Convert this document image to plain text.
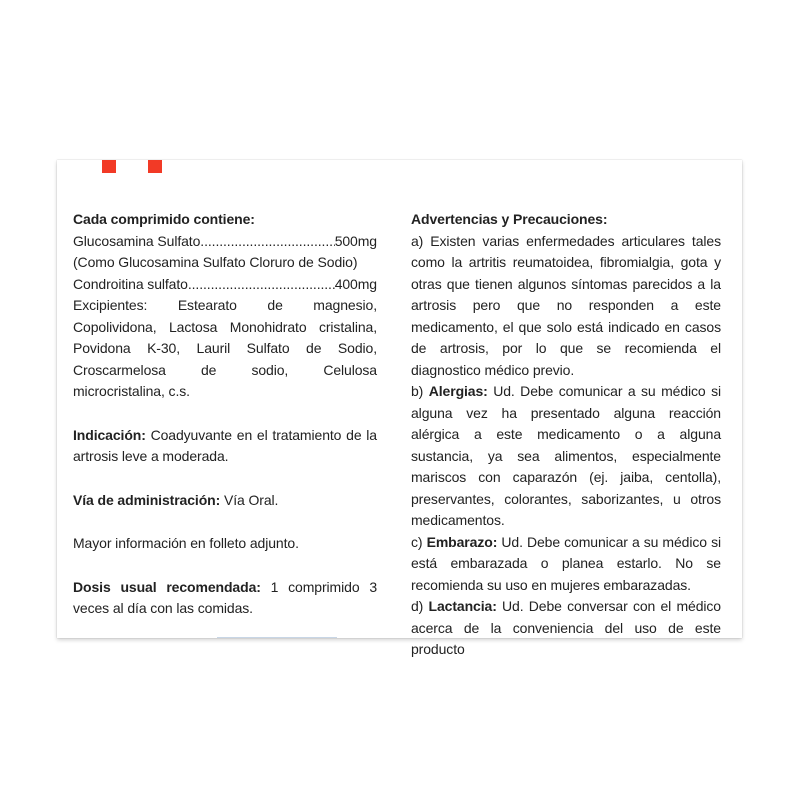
Cada comprimido contiene:

Glucosamina Sulfato .....	500mg

(Como Glucosamina Sulfato Cloruro de Sodio)

Condroitina sulfato .....	400mg

Excipientes: Estearato de magnesio, Copolividona, Lactosa Monohidrato cristalina, Povidona K-30, Lauril Sulfato de Sodio, Croscarmelosa de sodio, Celulosa microcristalina, c.s.

Indicación: Coadyuvante en el tratamiento de la artrosis leve a moderada.

Vía de administración: Vía Oral.

Mayor información en folleto adjunto.

Dosis usual recomendada: 1 comprimido 3 veces al día con las comidas.

Advertencias y Precauciones:

a) Existen varias enfermedades articulares tales como la artritis reumatoidea, fibromialgia, gota y otras que tienen algunos síntomas parecidos a la artrosis pero que no responden a este medicamento, el que solo está indicado en casos de artrosis, por lo que se recomienda el diagnostico médico previo.

b) Alergias: Ud. Debe comunicar a su médico si alguna vez ha presentado alguna reacción alérgica a este medicamento o a alguna sustancia, ya sea alimentos, especialmente mariscos con caparazón (ej. jaiba, centolla), preservantes, colorantes, saborizantes, u otros medicamentos.

c) Embarazo: Ud. Debe comunicar a su médico si está embarazada o planea estarlo. No se recomienda su uso en mujeres embarazadas.

d) Lactancia: Ud. Debe conversar con el médico acerca de la conveniencia del uso de este producto
